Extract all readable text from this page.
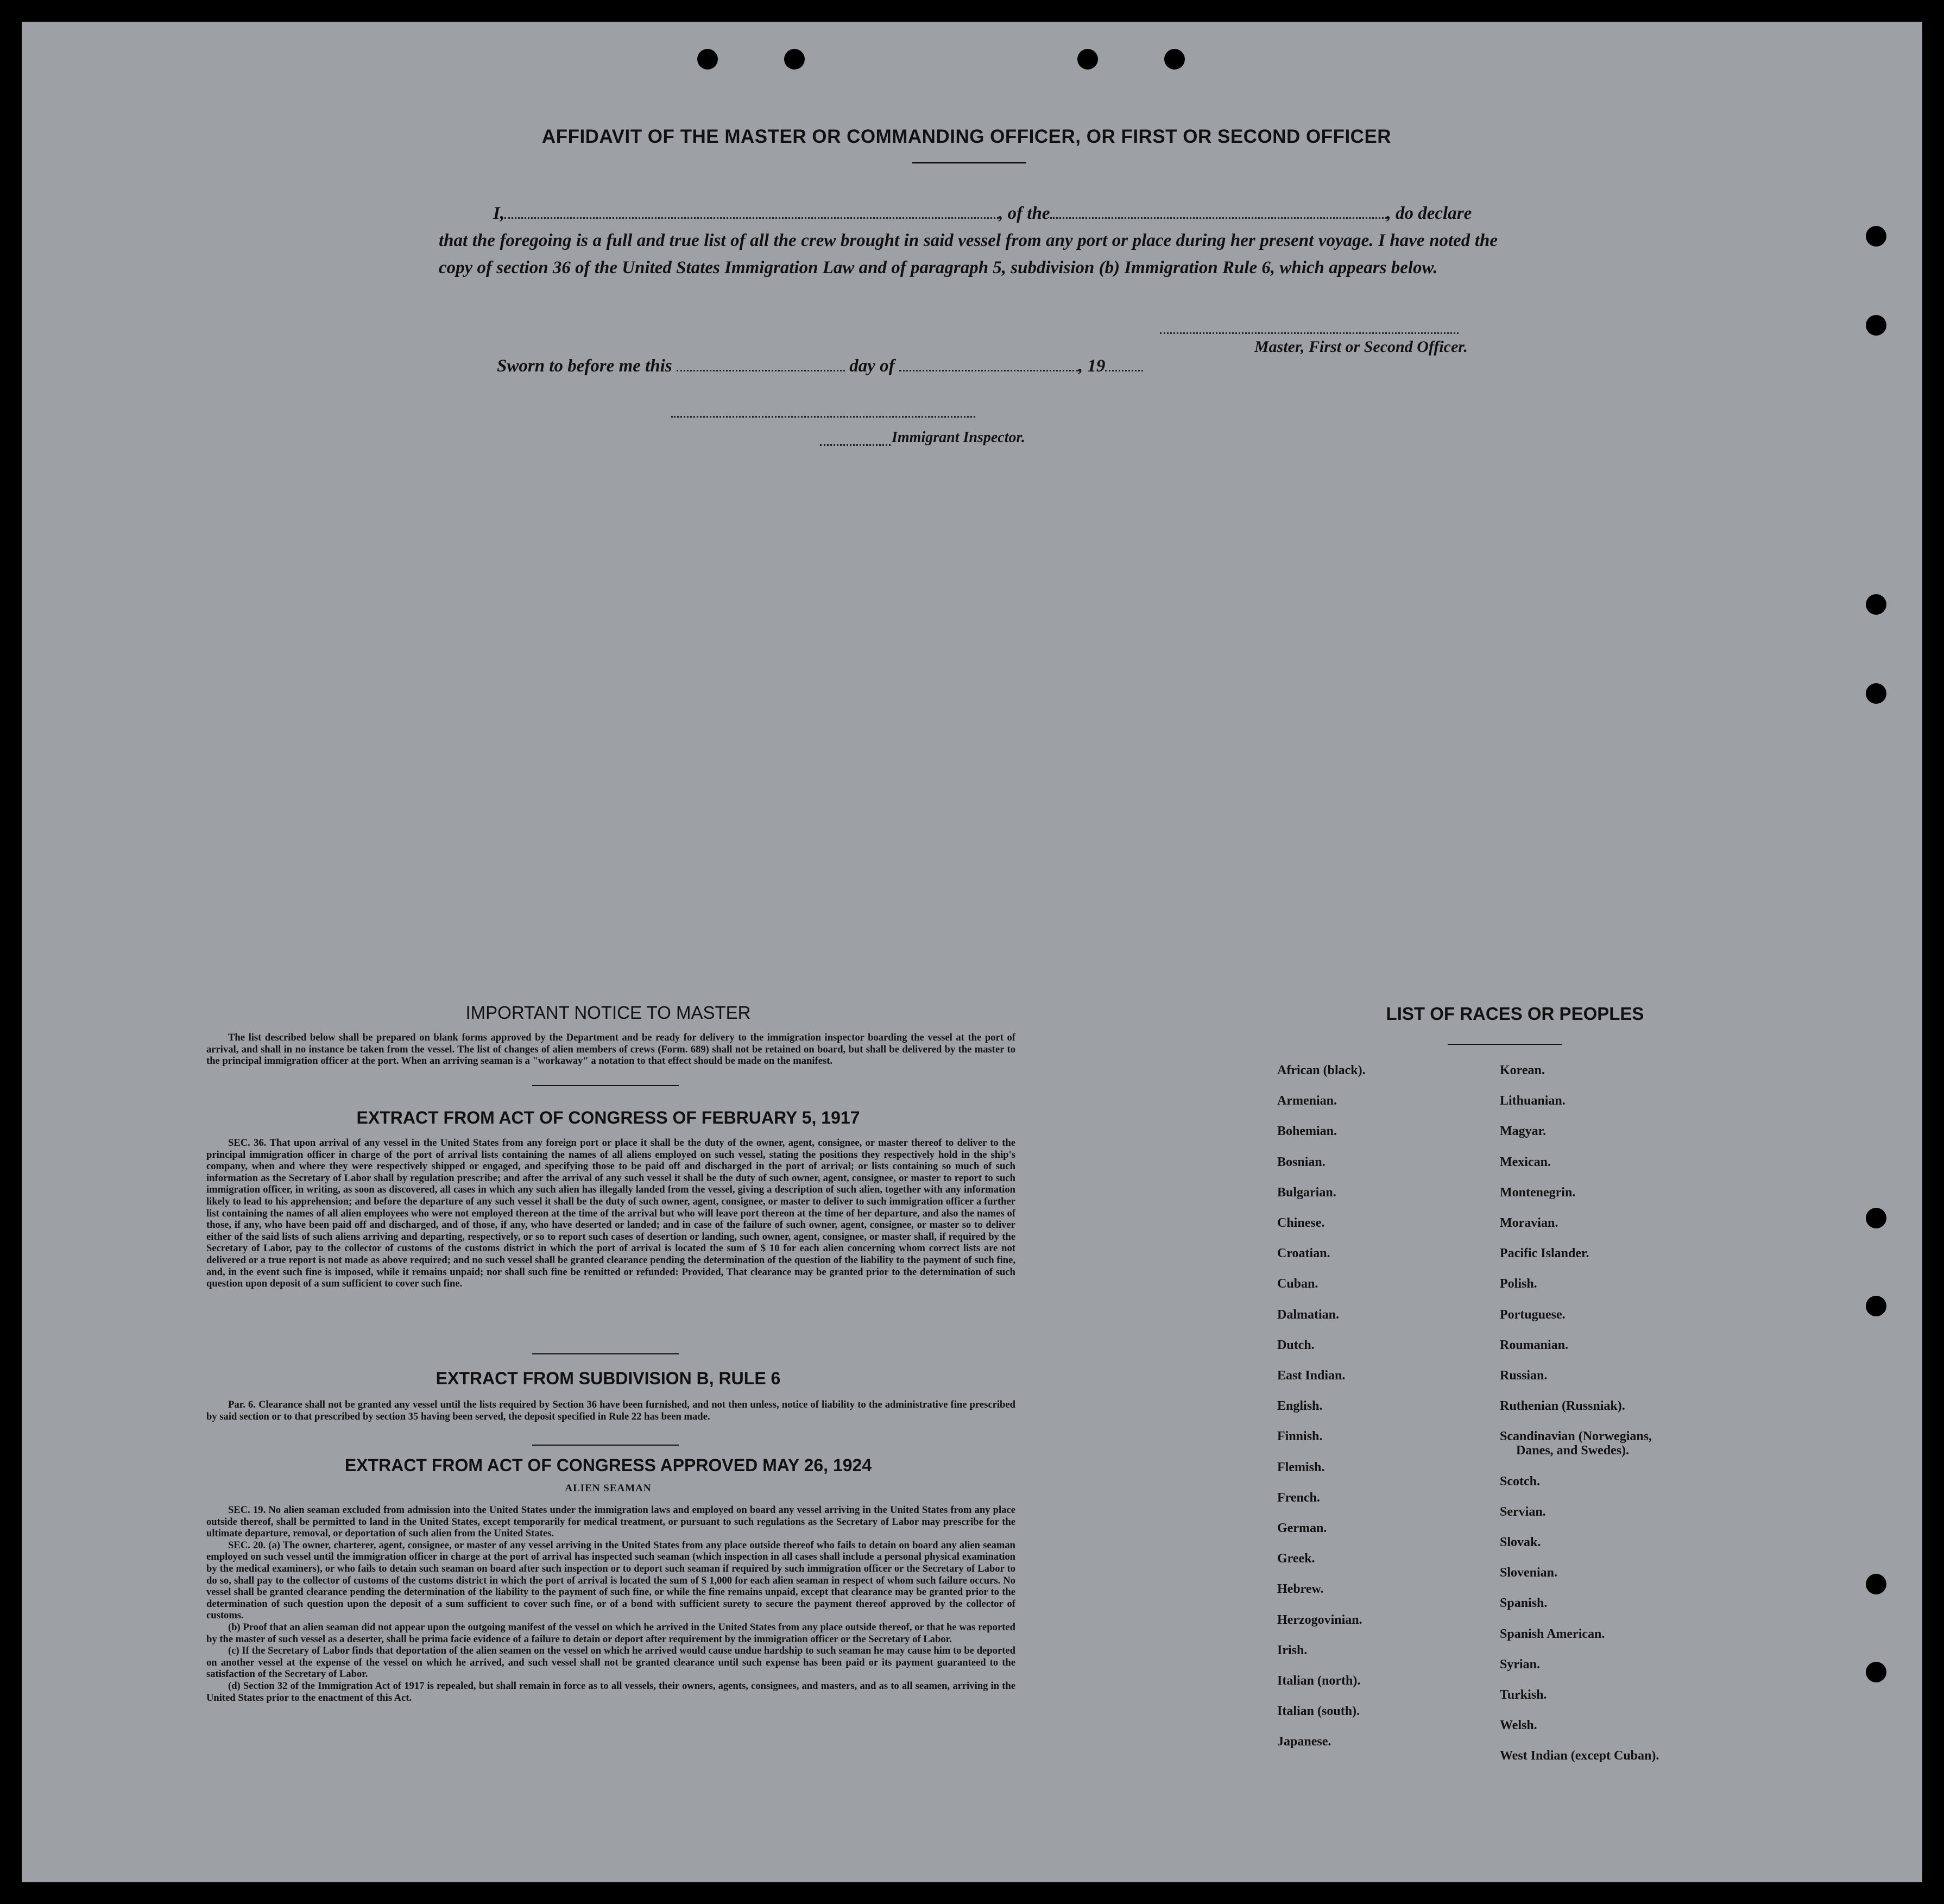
AFFIDAVIT OF THE MASTER OR COMMANDING OFFICER, OR FIRST OR SECOND OFFICER
I,	, of the	, do declare
that the foregoing is a full and true list of all the crew brought in said vessel from any port or place during her present voyage. I have noted the copy of section 36 of the United States Immigration Law and of paragraph 5, subdivision (b) Immigration Rule 6, which appears below.
Master, First or Second Officer.
Sworn to before me this	day of	, 19
Immigrant Inspector.
IMPORTANT NOTICE TO MASTER

The list described below shall be prepared on blank forms approved by the Department and be ready for delivery to the immigration inspector boarding the vessel at the port of arrival, and shall in no instance be taken from the vessel. The list of changes of alien members of crews (Form. 689) shall not be retained on board, but shall be delivered by the master to the principal immigration officer at the port. When an arriving seaman is a "workaway" a notation to that effect should be made on the manifest.

EXTRACT FROM ACT OF CONGRESS OF FEBRUARY 5, 1917

SEC. 36. That upon arrival of any vessel in the United States from any foreign port or place it shall be the duty of the owner, agent, consignee, or master thereof to deliver to the principal immigration officer in charge of the port of arrival lists containing the names of all aliens employed on such vessel, stating the positions they respectively hold in the ship's company, when and where they were respectively shipped or engaged, and specifying those to be paid off and discharged in the port of arrival; or lists containing so much of such information as the Secretary of Labor shall by regulation prescribe; and after the arrival of any such vessel it shall be the duty of such owner, agent, consignee, or master to report to such immigration officer, in writing, as soon as discovered, all cases in which any such alien has illegally landed from the vessel, giving a description of such alien, together with any information likely to lead to his apprehension; and before the departure of any such vessel it shall be the duty of such owner, agent, consignee, or master to deliver to such immigration officer a further list containing the names of all alien employees who were not employed thereon at the time of the arrival but who will leave port thereon at the time of her departure, and also the names of those, if any, who have been paid off and discharged, and of those, if any, who have deserted or landed; and in case of the failure of such owner, agent, consignee, or master so to deliver either of the said lists of such aliens arriving and departing, respectively, or so to report such cases of desertion or landing, such owner, agent, consignee, or master shall, if required by the Secretary of Labor, pay to the collector of customs of the customs district in which the port of arrival is located the sum of $ 10 for each alien concerning whom correct lists are not delivered or a true report is not made as above required; and no such vessel shall be granted clearance pending the determination of the question of the liability to the payment of such fine, and, in the event such fine is imposed, while it remains unpaid; nor shall such fine be remitted or refunded: Provided, That clearance may be granted prior to the determination of such question upon deposit of a sum sufficient to cover such fine.

EXTRACT FROM SUBDIVISION B, RULE 6

Par. 6. Clearance shall not be granted any vessel until the lists required by Section 36 have been furnished, and not then unless, notice of liability to the administrative fine prescribed by said section or to that prescribed by section 35 having been served, the deposit specified in Rule 22 has been made.

EXTRACT FROM ACT OF CONGRESS APPROVED MAY 26, 1924
ALIEN SEAMAN

SEC. 19. No alien seaman excluded from admission into the United States under the immigration laws and employed on board any vessel arriving in the United States from any place outside thereof, shall be permitted to land in the United States, except temporarily for medical treatment, or pursuant to such regulations as the Secretary of Labor may prescribe for the ultimate departure, removal, or deportation of such alien from the United States.

SEC. 20. (a) The owner, charterer, agent, consignee, or master of any vessel arriving in the United States from any place outside thereof who fails to detain on board any alien seaman employed on such vessel until the immigration officer in charge at the port of arrival has inspected such seaman (which inspection in all cases shall include a personal physical examination by the medical examiners), or who fails to detain such seaman on board after such inspection or to deport such seaman if required by such immigration officer or the Secretary of Labor to do so, shall pay to the collector of customs of the customs district in which the port of arrival is located the sum of $ 1,000 for each alien seaman in respect of whom such failure occurs. No vessel shall be granted clearance pending the determination of the liability to the payment of such fine, or while the fine remains unpaid, except that clearance may be granted prior to the determination of such question upon the deposit of a sum sufficient to cover such fine, or of a bond with sufficient surety to secure the payment thereof approved by the collector of customs.

(b) Proof that an alien seaman did not appear upon the outgoing manifest of the vessel on which he arrived in the United States from any place outside thereof, or that he was reported by the master of such vessel as a deserter, shall be prima facie evidence of a failure to detain or deport after requirement by the immigration officer or the Secretary of Labor.

(c) If the Secretary of Labor finds that deportation of the alien seamen on the vessel on which he arrived would cause undue hardship to such seaman he may cause him to be deported on another vessel at the expense of the vessel on which he arrived, and such vessel shall not be granted clearance until such expense has been paid or its payment guaranteed to the satisfaction of the Secretary of Labor.

(d) Section 32 of the Immigration Act of 1917 is repealed, but shall remain in force as to all vessels, their owners, agents, consignees, and masters, and as to all seamen, arriving in the United States prior to the enactment of this Act.

LIST OF RACES OR PEOPLES
African (black).
Armenian.
Bohemian.
Bosnian.
Bulgarian.
Chinese.
Croatian.
Cuban.
Dalmatian.
Dutch.
East Indian.
English.
Finnish.
Flemish.
French.
German.
Greek.
Hebrew.
Herzogovinian.
Irish.
Italian (north).
Italian (south).
Japanese.
Korean.
Lithuanian.
Magyar.
Mexican.
Montenegrin.
Moravian.
Pacific Islander.
Polish.
Portuguese.
Roumanian.
Russian.
Ruthenian (Russniak).
Scandinavian (Norwegians,
Danes, and Swedes).
Scotch.
Servian.
Slovak.
Slovenian.
Spanish.
Spanish American.
Syrian.
Turkish.
Welsh.
West Indian (except Cuban).
